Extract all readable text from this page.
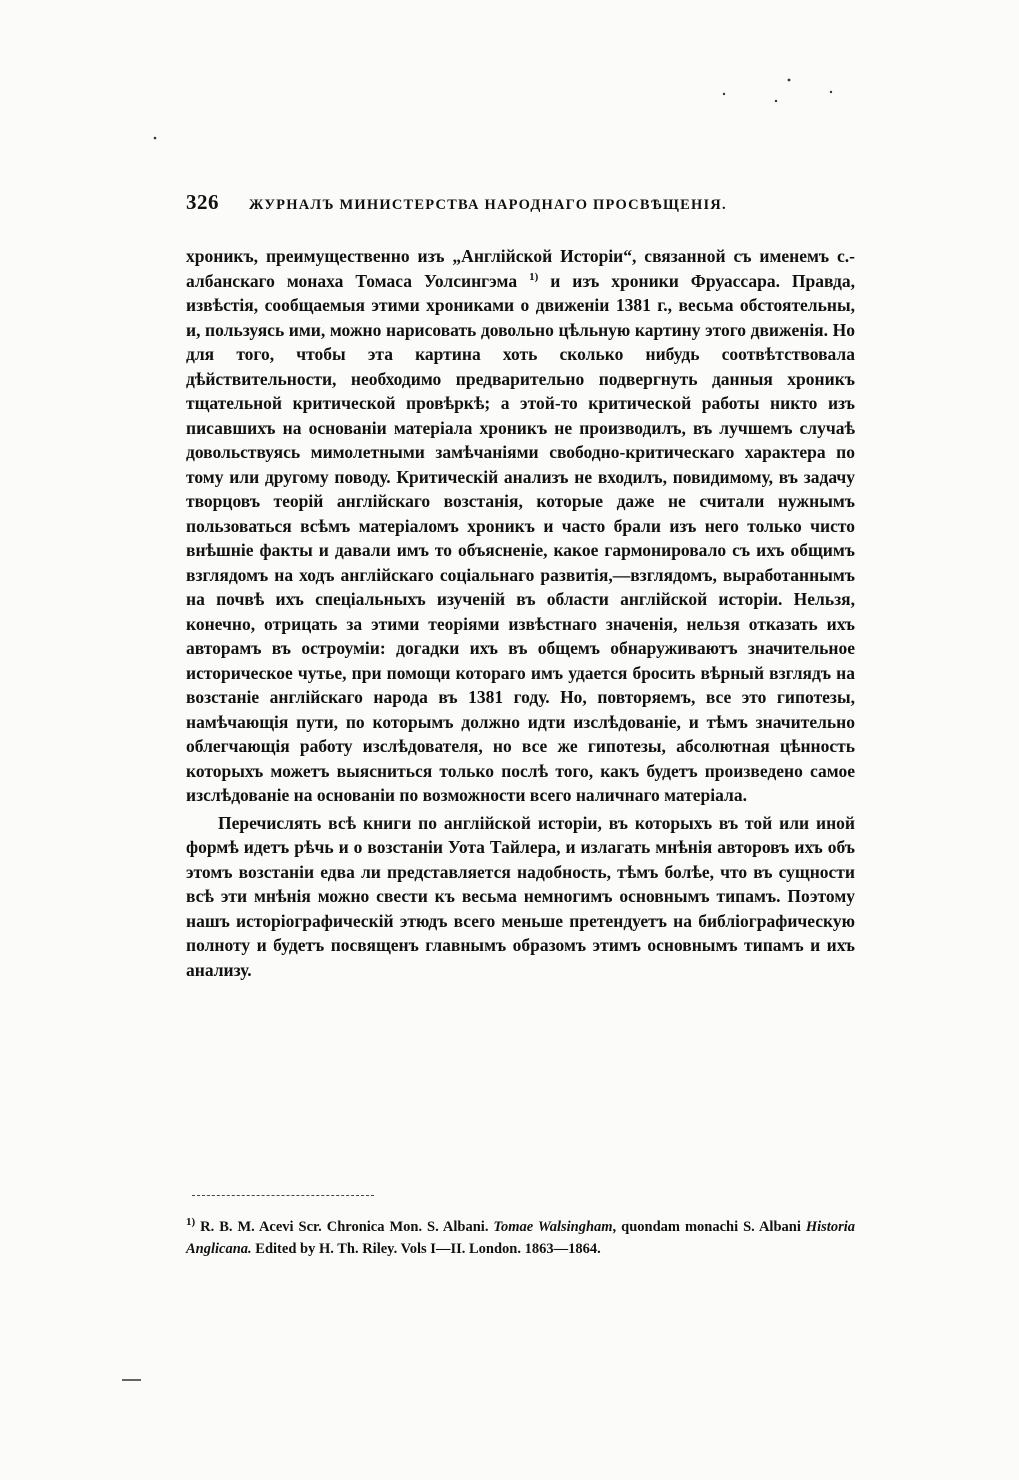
326 ЖУРНАЛЪ МИНИСТЕРСТВА НАРОДНАГО ПРОСВѢЩЕНІЯ.

хроникъ, преимущественно изъ „Англійской Исторіи“, связанной съ именемъ с.-албанскаго монаха Томаса Уолсингэма $^{1)}$ и изъ хроники Фруассара. Правда, извѣстія, сообщаемыя этими хрониками о движеніи 1381 г., весьма обстоятельны, и, пользуясь ими, можно нарисовать довольно цѣльную картину этого движенія. Но для того, чтобы эта картина хоть сколько нибудь соотвѣтствовала дѣйствительности, необходимо предварительно подвергнуть данныя хроникъ тщательной критической провѣркѣ; а этой-то критической работы никто изъ писавшихъ на основаніи матеріала хроникъ не производилъ, въ лучшемъ случаѣ довольствуясь мимолетными замѣчаніями свободно-критическаго характера по тому или другому поводу. Критическій анализъ не входилъ, повидимому, въ задачу творцовъ теорій англійскаго возстанія, которые даже не считали нужнымъ пользоваться всѣмъ матеріаломъ хроникъ и часто брали изъ него только чисто внѣшніе факты и давали имъ то объясненіе, какое гармонировало съ ихъ общимъ взглядомъ на ходъ англійскаго соціальнаго развитія,—взглядомъ, выработаннымъ на почвѣ ихъ спеціальныхъ изученій въ области англійской исторіи. Нельзя, конечно, отрицать за этими теоріями извѣстнаго значенія, нельзя отказать ихъ авторамъ въ остроуміи: догадки ихъ въ общемъ обнаруживаютъ значительное историческое чутье, при помощи котораго имъ удается бросить вѣрный взглядъ на возстаніе англійскаго народа въ 1381 году. Но, повторяемъ, все это гипотезы, намѣчающія пути, по которымъ должно идти изслѣдованіе, и тѣмъ значительно облегчающія работу изслѣдователя, но все же гипотезы, абсолютная цѣнность которыхъ можетъ выясниться только послѣ того, какъ будетъ произведено самое изслѣдованіе на основаніи по возможности всего наличнаго матеріала.

Перечислять всѣ книги по англійской исторіи, въ которыхъ въ той или иной формѣ идетъ рѣчь и о возстаніи Уота Тайлера, и излагать мнѣнія авторовъ ихъ объ этомъ возстаніи едва ли представляется надобность, тѣмъ болѣе, что въ сущности всѣ эти мнѣнія можно свести къ весьма немногимъ основнымъ типамъ. Поэтому нашъ исторіографическій этюдъ всего меньше претендуетъ на библіографическую полноту и будетъ посвященъ главнымъ образомъ этимъ основнымъ типамъ и ихъ анализу.

$^{1)}$ R. B. M. Acevi Scr. Chronica Mon. S. Albani. Tomae Walsingham, quondam monachi S. Albani Historia Anglicana. Edited by H. Th. Riley. Vols I—II. London. 1863—1864.
